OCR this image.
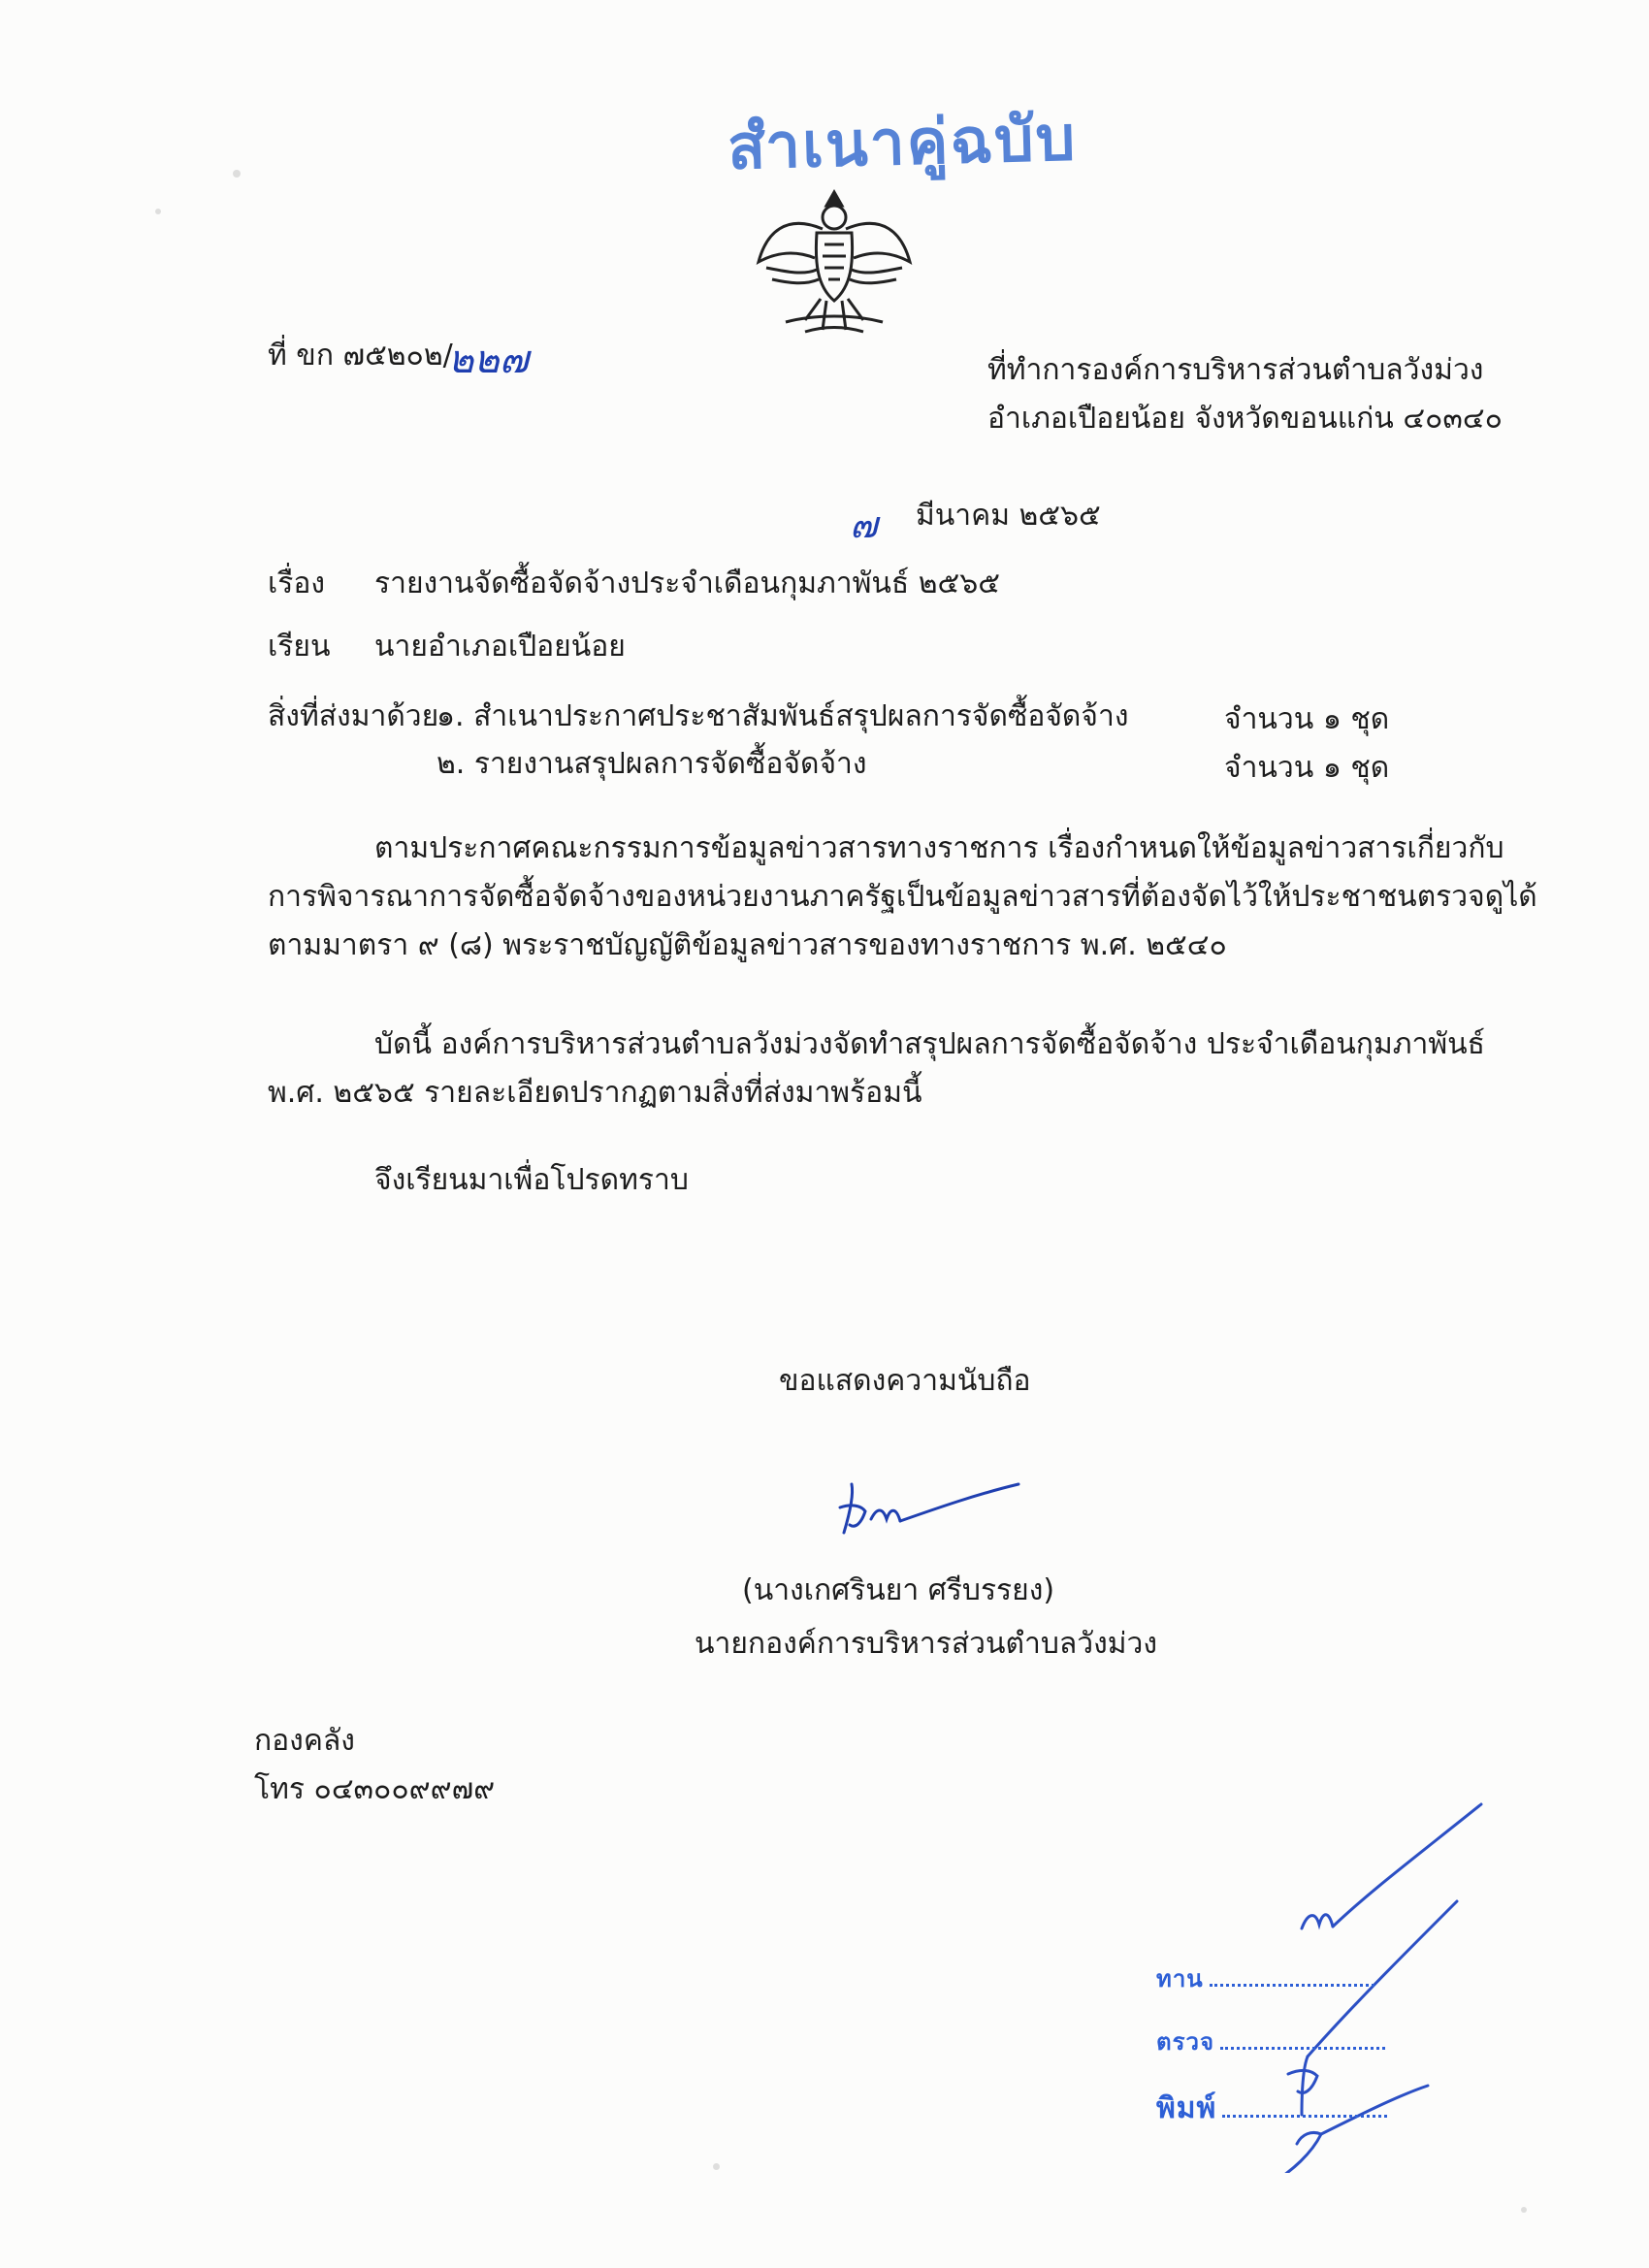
สำเนาคู่ฉบับ
ที่ ขก ๗๕๒๐๒/
๒๒๗	ที่ทำการองค์การบริหารส่วนตำบลวังม่วง
อำเภอเปือยน้อย จังหวัดขอนแก่น ๔๐๓๔๐
๗ มีนาคม ๒๕๖๕
เรื่อง รายงานจัดซื้อจัดจ้างประจำเดือนกุมภาพันธ์ ๒๕๖๕
เรียน นายอำเภอเปือยน้อย
สิ่งที่ส่งมาด้วย
๑. สำเนาประกาศประชาสัมพันธ์สรุปผลการจัดซื้อจัดจ้าง	จำนวน ๑ ชุด
๒. รายงานสรุปผลการจัดซื้อจัดจ้าง	จำนวน ๑ ชุด
ตามประกาศคณะกรรมการข้อมูลข่าวสารทางราชการ เรื่องกำหนดให้ข้อมูลข่าวสารเกี่ยวกับการพิจารณาการจัดซื้อจัดจ้างของหน่วยงานภาครัฐเป็นข้อมูลข่าวสารที่ต้องจัดไว้ให้ประชาชนตรวจดูได้ตามมาตรา ๙ (๘) พระราชบัญญัติข้อมูลข่าวสารของทางราชการ พ.ศ. ๒๕๔๐
บัดนี้ องค์การบริหารส่วนตำบลวังม่วงจัดทำสรุปผลการจัดซื้อจัดจ้าง ประจำเดือนกุมภาพันธ์ พ.ศ. ๒๕๖๕ รายละเอียดปรากฏตามสิ่งที่ส่งมาพร้อมนี้
จึงเรียนมาเพื่อโปรดทราบ
ขอแสดงความนับถือ
(นางเกศรินยา ศรีบรรยง)
นายกองค์การบริหารส่วนตำบลวังม่วง
กองคลัง
โทร ๐๔๓๐๐๙๙๗๙
ทาน
ตรวจ
พิมพ์
